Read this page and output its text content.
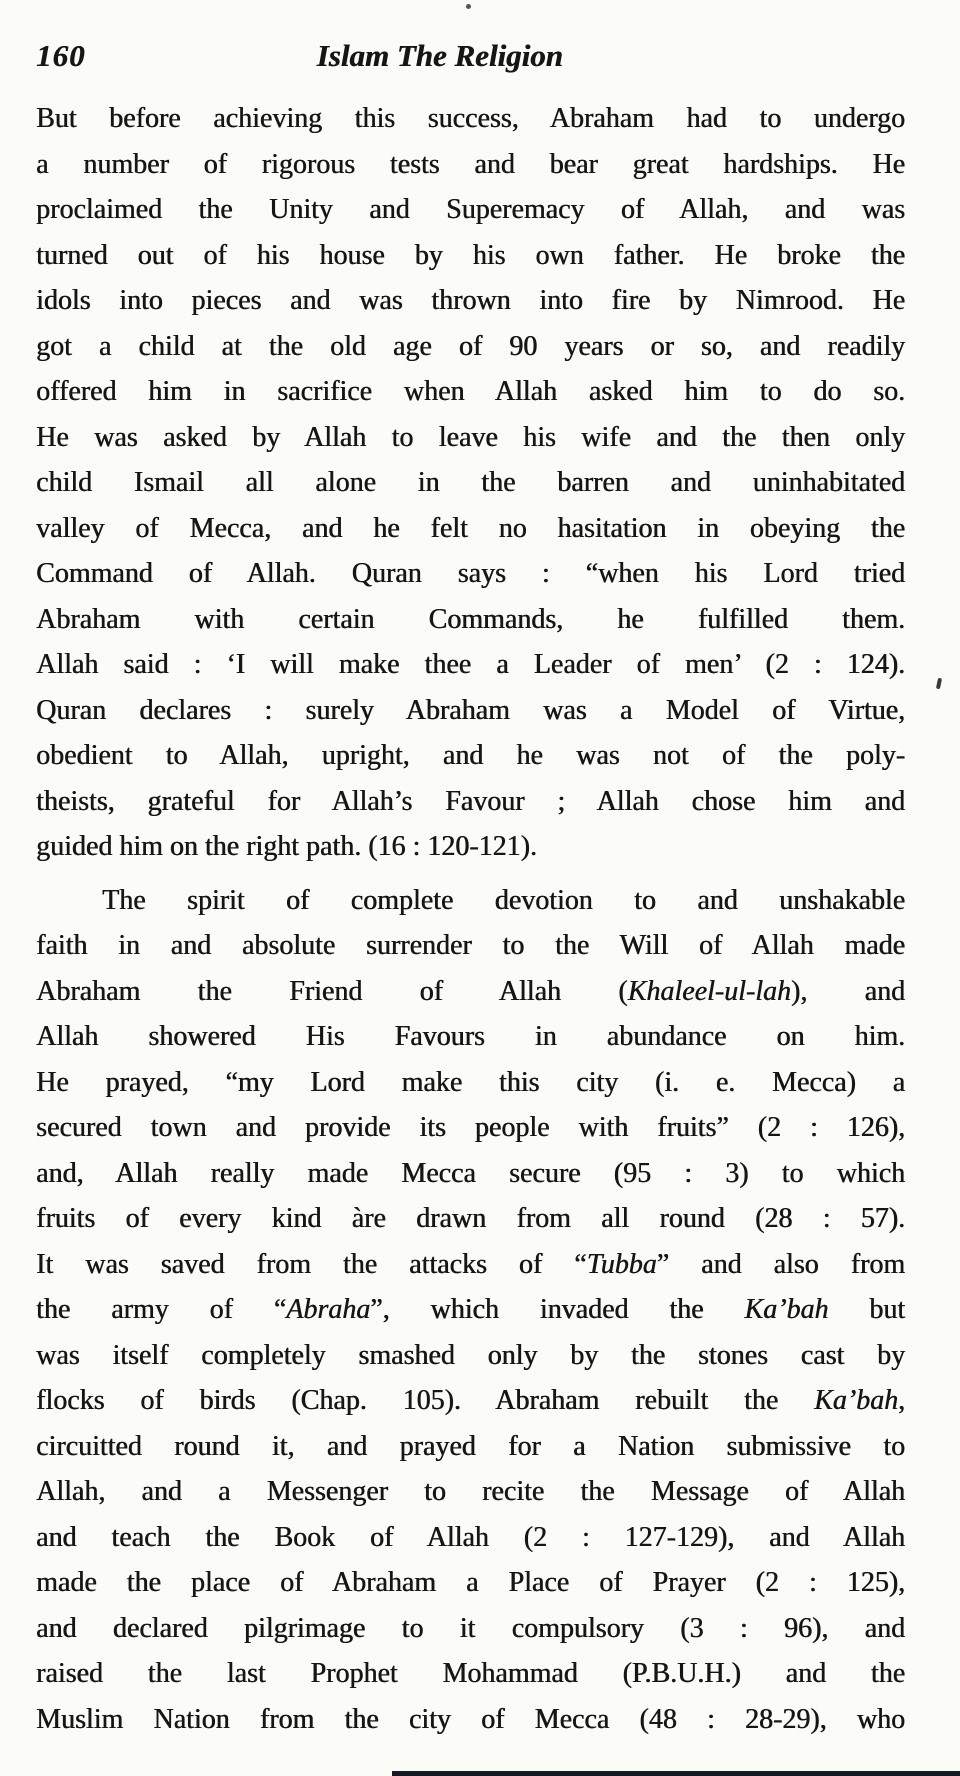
160	Islam The Religion
But before achieving this success, Abraham had to undergo
a number of rigorous tests and bear great hardships. He
proclaimed the Unity and Superemacy of Allah, and was
turned out of his house by his own father. He broke the
idols into pieces and was thrown into fire by Nimrood. He
got a child at the old age of 90 years or so, and readily
offered him in sacrifice when Allah asked him to do so.
He was asked by Allah to leave his wife and the then only
child Ismail all alone in the barren and uninhabitated
valley of Mecca, and he felt no hasitation in obeying the
Command of Allah. Quran says : “when his Lord tried
Abraham with certain Commands, he fulfilled them.
Allah said : ‘I will make thee a Leader of men’ (2 : 124).
Quran declares : surely Abraham was a Model of Virtue,
obedient to Allah, upright, and he was not of the poly-
theists, grateful for Allah’s Favour ; Allah chose him and
guided him on the right path. (16 : 120-121).
The spirit of complete devotion to and unshakable
faith in and absolute surrender to the Will of Allah made
Abraham the Friend of Allah (Khaleel-ul-lah), and
Allah showered His Favours in abundance on him.
He prayed, “my Lord make this city (i. e. Mecca) a
secured town and provide its people with fruits” (2 : 126),
and, Allah really made Mecca secure (95 : 3) to which
fruits of every kind àre drawn from all round (28 : 57).
It was saved from the attacks of “Tubba” and also from
the army of “Abraha”, which invaded the Ka’bah but
was itself completely smashed only by the stones cast by
flocks of birds (Chap. 105). Abraham rebuilt the Ka’bah,
circuitted round it, and prayed for a Nation submissive to
Allah, and a Messenger to recite the Message of Allah
and teach the Book of Allah (2 : 127-129), and Allah
made the place of Abraham a Place of Prayer (2 : 125),
and declared pilgrimage to it compulsory (3 : 96), and
raised the last Prophet Mohammad (P.B.U.H.) and the
Muslim Nation from the city of Mecca (48 : 28-29), who
